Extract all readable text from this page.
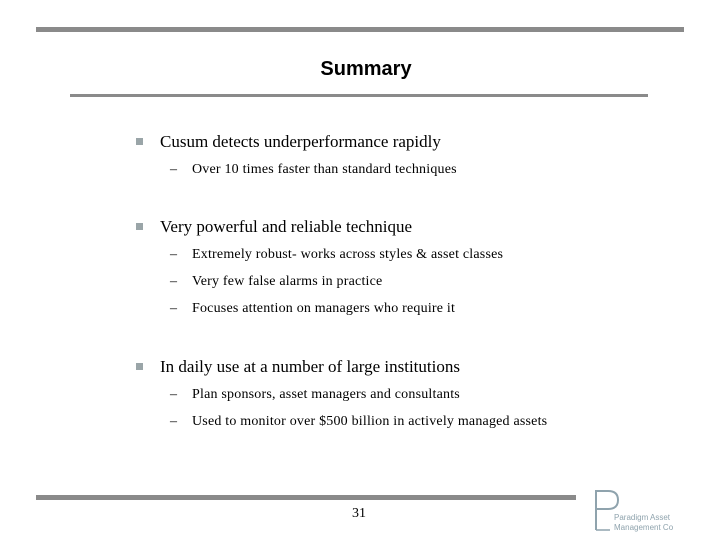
Summary
Cusum detects underperformance rapidly
– Over 10 times faster than standard techniques
Very powerful and reliable technique
– Extremely robust- works across styles & asset classes
– Very few false alarms in practice
– Focuses attention on managers who require it
In daily use at a number of large institutions
– Plan sponsors, asset managers and consultants
– Used to monitor over $500 billion in actively managed assets
31	Paradigm Asset
Management Co
